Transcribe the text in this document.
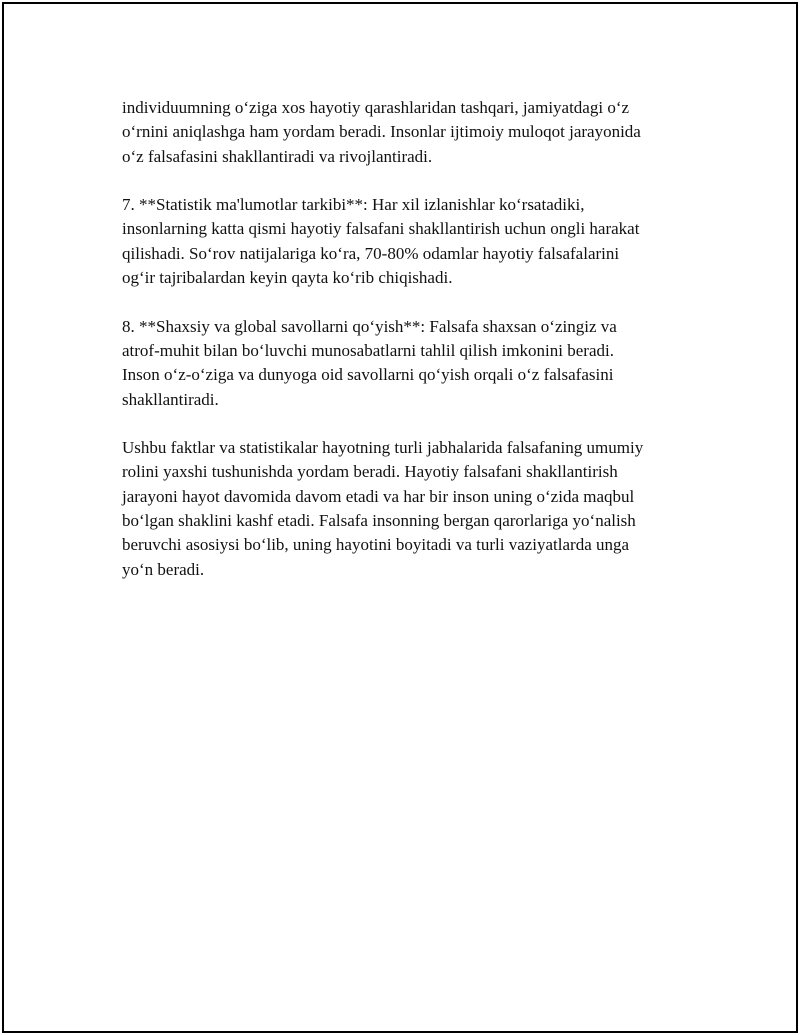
individuumning o‘ziga xos hayotiy qarashlaridan tashqari, jamiyatdagi o‘z
o‘rnini aniqlashga ham yordam beradi. Insonlar ijtimoiy muloqot jarayonida
o‘z falsafasini shakllantiradi va rivojlantiradi.

7. **Statistik ma'lumotlar tarkibi**: Har xil izlanishlar ko‘rsatadiki,
insonlarning katta qismi hayotiy falsafani shakllantirish uchun ongli harakat
qilishadi. So‘rov natijalariga ko‘ra, 70-80% odamlar hayotiy falsafalarini
og‘ir tajribalardan keyin qayta ko‘rib chiqishadi.

8. **Shaxsiy va global savollarni qo‘yish**: Falsafa shaxsan o‘zingiz va
atrof-muhit bilan bo‘luvchi munosabatlarni tahlil qilish imkonini beradi.
Inson o‘z-o‘ziga va dunyoga oid savollarni qo‘yish orqali o‘z falsafasini
shakllantiradi.

Ushbu faktlar va statistikalar hayotning turli jabhalarida falsafaning umumiy
rolini yaxshi tushunishda yordam beradi. Hayotiy falsafani shakllantirish
jarayoni hayot davomida davom etadi va har bir inson uning o‘zida maqbul
bo‘lgan shaklini kashf etadi. Falsafa insonning bergan qarorlariga yo‘nalish
beruvchi asosiysi bo‘lib, uning hayotini boyitadi va turli vaziyatlarda unga
yo‘n beradi.
